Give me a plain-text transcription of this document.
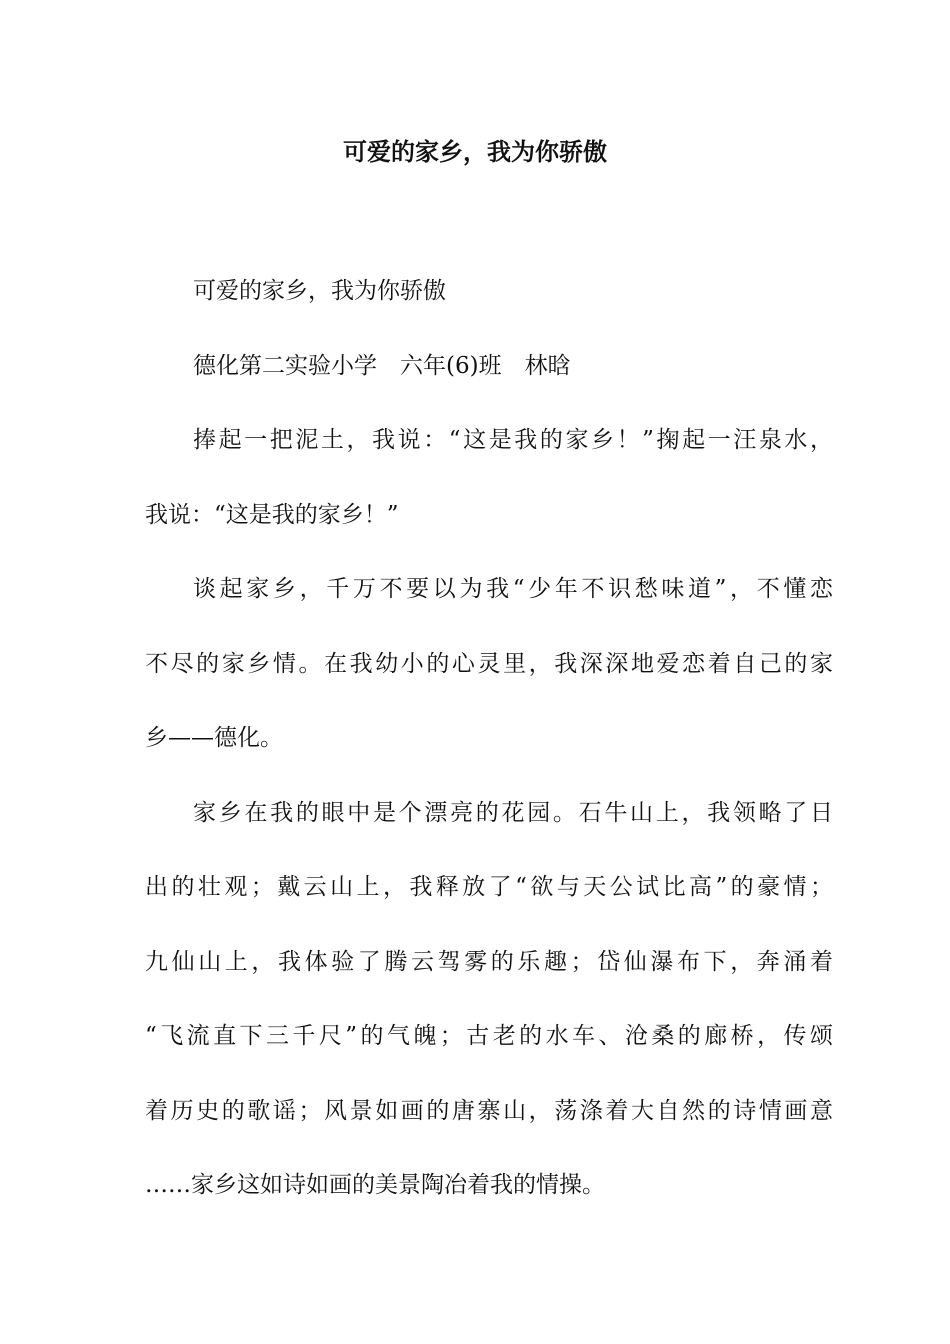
可爱的家乡，我为你骄傲
可爱的家乡，我为你骄傲
德化第二实验小学　六年(6)班　林晗
捧起一把泥土，我说：“这是我的家乡！”掬起一汪泉水，
我说：“这是我的家乡！”
谈起家乡，千万不要以为我“少年不识愁味道”，不懂恋
不尽的家乡情。在我幼小的心灵里，我深深地爱恋着自己的家
乡——德化。
家乡在我的眼中是个漂亮的花园。石牛山上，我领略了日
出的壮观；戴云山上，我释放了“欲与天公试比高”的豪情；
九仙山上，我体验了腾云驾雾的乐趣；岱仙瀑布下，奔涌着
“飞流直下三千尺”的气魄；古老的水车、沧桑的廊桥，传颂
着历史的歌谣；风景如画的唐寨山，荡涤着大自然的诗情画意
……家乡这如诗如画的美景陶冶着我的情操。
